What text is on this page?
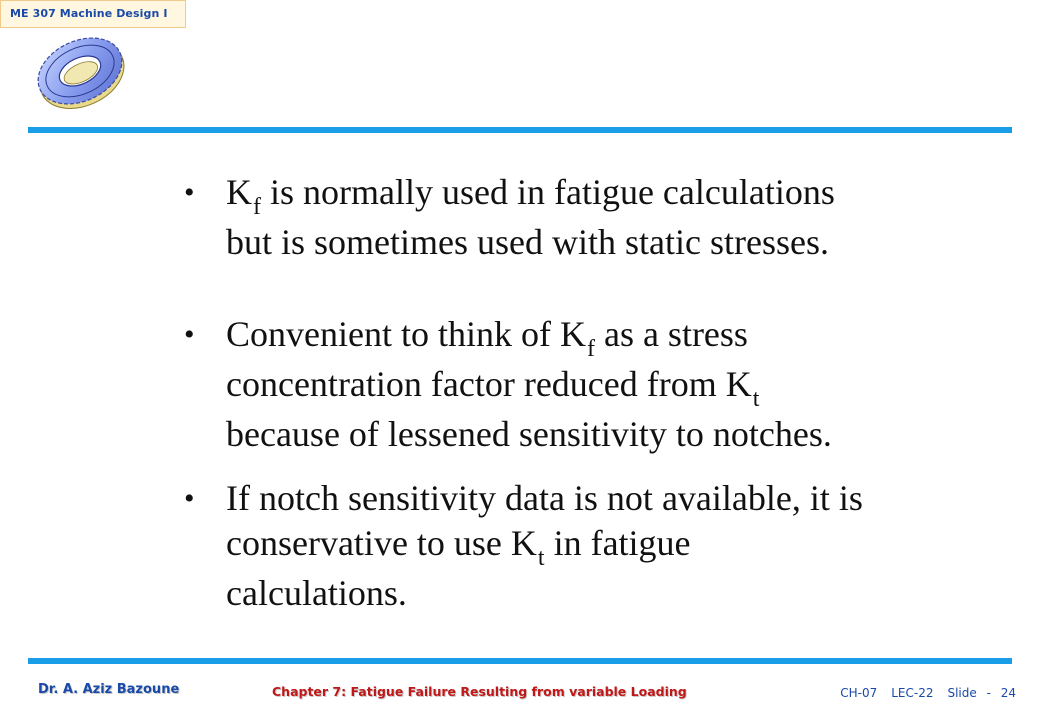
ME 307 Machine Design I
• $K_f$ is normally used in fatigue calculations
but is sometimes used with static stresses.
• Convenient to think of $K_f$ as a stress
concentration factor reduced from $K_t$
because of lessened sensitivity to notches.
• If notch sensitivity data is not available, it is
conservative to use $K_t$ in fatigue
calculations.
Dr. A. Aziz Bazoune	Chapter 7: Fatigue Failure Resulting from variable Loading	CH-07 LEC-22 Slide - 24
